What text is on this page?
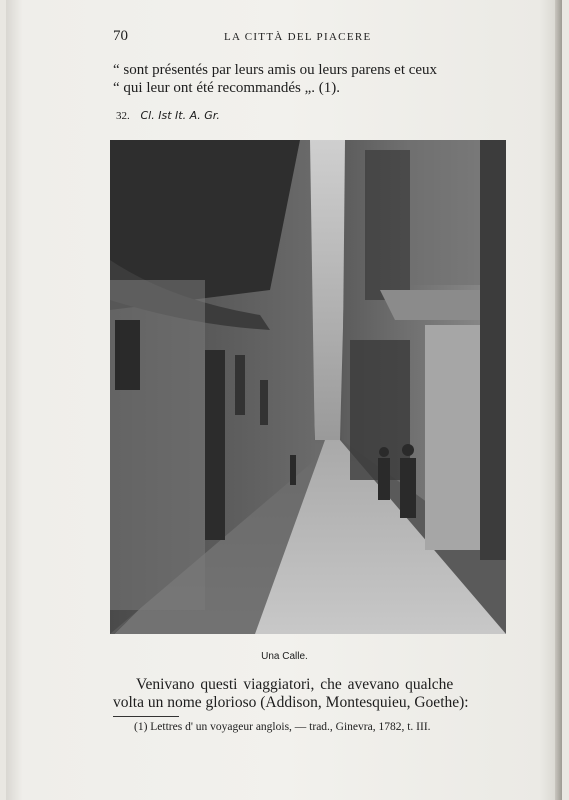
70	LA CITTÀ DEL PIACERE
“ sont présentés par leurs amis ou leurs parens et ceux
“ qui leur ont été recommandés „. (1).
32. Cl. Ist It. A. Gr.
Una Calle.
Venivano questi viaggiatori, che avevano qualche
volta un nome glorioso (Addison, Montesquieu, Goethe):
(1) Lettres d' un voyageur anglois, — trad., Ginevra, 1782, t. III.
